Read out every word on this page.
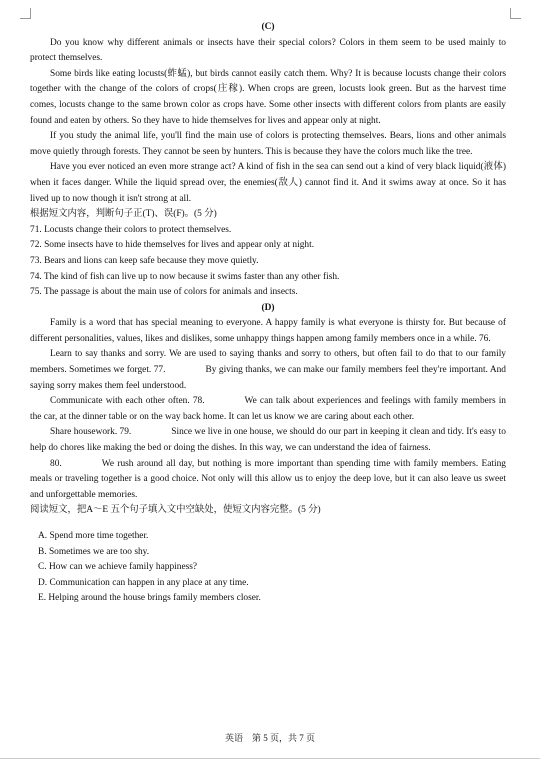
(C)

Do you know why different animals or insects have their special colors? Colors in them seem to be used mainly to protect themselves.

Some birds like eating locusts(蚱蜢), but birds cannot easily catch them. Why? It is because locusts change their colors together with the change of the colors of crops(庄稼). When crops are green, locusts look green. But as the harvest time comes, locusts change to the same brown color as crops have. Some other insects with different colors from plants are easily found and eaten by others. So they have to hide themselves for lives and appear only at night.

If you study the animal life, you'll find the main use of colors is protecting themselves. Bears, lions and other animals move quietly through forests. They cannot be seen by hunters. This is because they have the colors much like the tree.

Have you ever noticed an even more strange act? A kind of fish in the sea can send out a kind of very black liquid(液体) when it faces danger. While the liquid spread over, the enemies(敌人) cannot find it. And it swims away at once. So it has lived up to now though it isn't strong at all.

根据短文内容，判断句子正(T)、误(F)。(5 分)

71. Locusts change their colors to protect themselves.

72. Some insects have to hide themselves for lives and appear only at night.

73. Bears and lions can keep safe because they move quietly.

74. The kind of fish can live up to now because it swims faster than any other fish.

75. The passage is about the main use of colors for animals and insects.

(D)

Family is a word that has special meaning to everyone. A happy family is what everyone is thirsty for. But because of different personalities, values, likes and dislikes, some unhappy things happen among family members once in a while. 76.

Learn to say thanks and sorry. We are used to saying thanks and sorry to others, but often fail to do that to our family members. Sometimes we forget. 77.	By giving thanks, we can make our family members feel they're important. And saying sorry makes them feel understood.

Communicate with each other often. 78.	We can talk about experiences and feelings with family members in the car, at the dinner table or on the way back home. It can let us know we are caring about each other.

Share housework. 79.	Since we live in one house, we should do our part in keeping it clean and tidy. It's easy to help do chores like making the bed or doing the dishes. In this way, we can understand the idea of fairness.

80.	We rush around all day, but nothing is more important than spending time with family members. Eating meals or traveling together is a good choice. Not only will this allow us to enjoy the deep love, but it can also leave us sweet and unforgettable memories.

阅读短文，把A～E 五个句子填入文中空缺处，使短文内容完整。(5 分)

A. Spend more time together.

B. Sometimes we are too shy.

C. How can we achieve family happiness?

D. Communication can happen in any place at any time.

E. Helping around the house brings family members closer.

英语　第 5 页，共 7 页
